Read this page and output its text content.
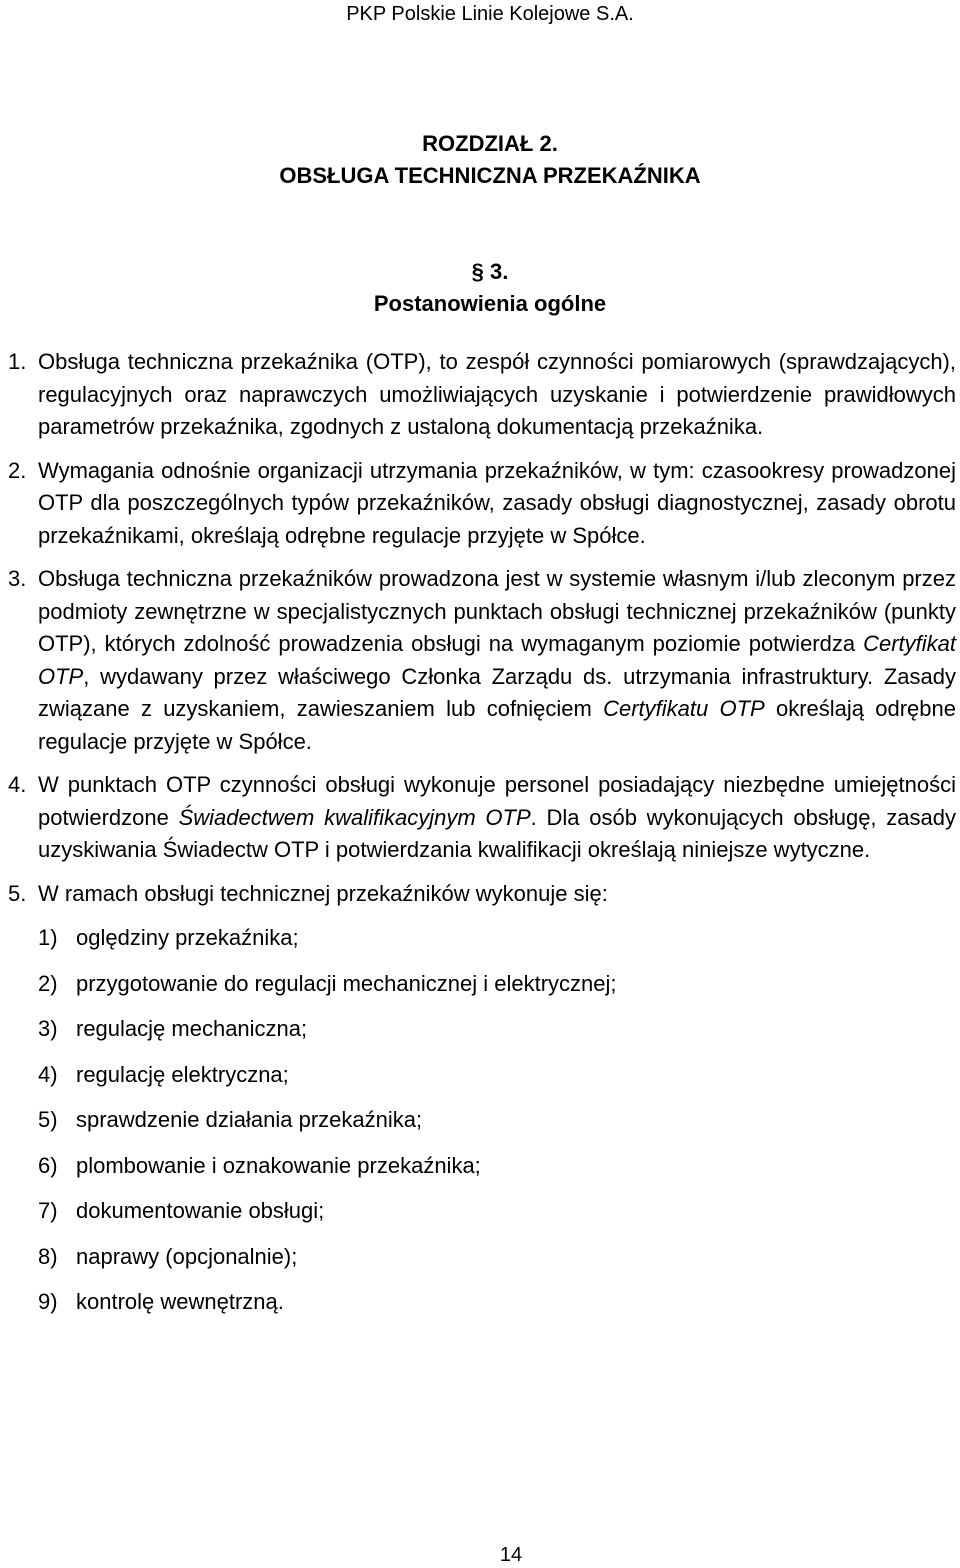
PKP Polskie Linie Kolejowe S.A.
ROZDZIAŁ 2.
OBSŁUGA TECHNICZNA PRZEKAŹNIKA
§ 3.
Postanowienia ogólne
1. Obsługa techniczna przekaźnika (OTP), to zespół czynności pomiarowych (sprawdzających), regulacyjnych oraz naprawczych umożliwiających uzyskanie i potwierdzenie prawidłowych parametrów przekaźnika, zgodnych z ustaloną dokumentacją przekaźnika.
2. Wymagania odnośnie organizacji utrzymania przekaźników, w tym: czasookresy prowadzonej OTP dla poszczególnych typów przekaźników, zasady obsługi diagnostycznej, zasady obrotu przekaźnikami, określają odrębne regulacje przyjęte w Spółce.
3. Obsługa techniczna przekaźników prowadzona jest w systemie własnym i/lub zleconym przez podmioty zewnętrzne w specjalistycznych punktach obsługi technicznej przekaźników (punkty OTP), których zdolność prowadzenia obsługi na wymaganym poziomie potwierdza Certyfikat OTP, wydawany przez właściwego Członka Zarządu ds. utrzymania infrastruktury. Zasady związane z uzyskaniem, zawieszaniem lub cofnięciem Certyfikatu OTP określają odrębne regulacje przyjęte w Spółce.
4. W punktach OTP czynności obsługi wykonuje personel posiadający niezbędne umiejętności potwierdzone Świadectwem kwalifikacyjnym OTP. Dla osób wykonujących obsługę, zasady uzyskiwania Świadectw OTP i potwierdzania kwalifikacji określają niniejsze wytyczne.
5. W ramach obsługi technicznej przekaźników wykonuje się:
1) oględziny przekaźnika;
2) przygotowanie do regulacji mechanicznej i elektrycznej;
3) regulację mechaniczna;
4) regulację elektryczna;
5) sprawdzenie działania przekaźnika;
6) plombowanie i oznakowanie przekaźnika;
7) dokumentowanie obsługi;
8) naprawy (opcjonalnie);
9) kontrolę wewnętrzną.
14
